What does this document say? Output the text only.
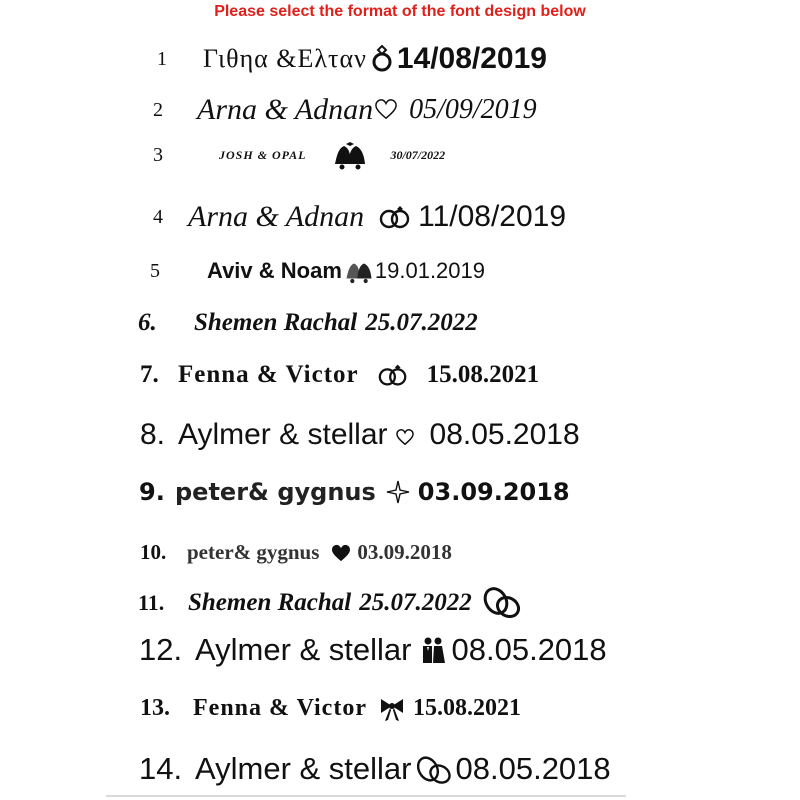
Please select the format of the font design below
1	Γιθηα &Ελταν 14/08/2019
2	Arna & Adnan 05/09/2019
3	JOSH & OPAL	30/07/2022
4 Arna & Adnan 11/08/2019
5	Aviv & Noam 19.01.2019
6.	Shemen Rachal 25.07.2022
7. Fenna & Victor	15.08.2021
8. Aylmer & stellar 08.05.2018
9. peter& gygnus 03.09.2018
10. peter& gygnus 03.09.2018
11. Shemen Rachal 25.07.2022
12. Aylmer & stellar 08.05.2018
13. Fenna & Victor 15.08.2021
14. Aylmer & stellar 08.05.2018
